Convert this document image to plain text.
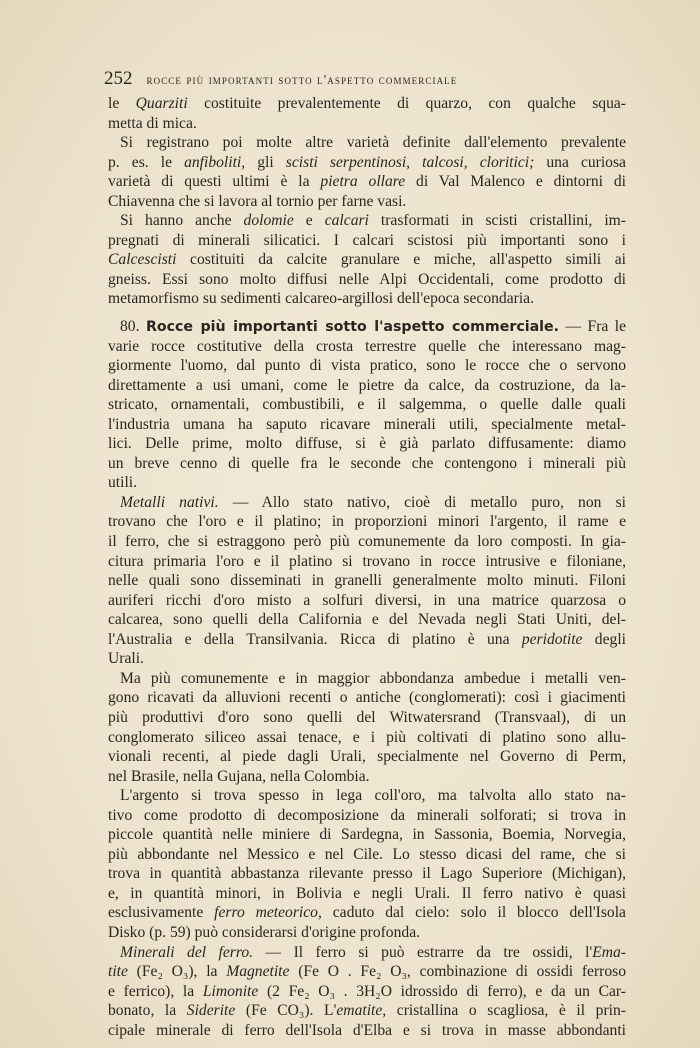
252 rocce più importanti sotto l'aspetto commerciale
le Quarziti costituite prevalentemente di quarzo, con qualche squa-
metta di mica.
Si registrano poi molte altre varietà definite dall'elemento prevalente
p. es. le anfiboliti, gli scisti serpentinosi, talcosi, cloritici; una curiosa
varietà di questi ultimi è la pietra ollare di Val Malenco e dintorni di
Chiavenna che si lavora al tornio per farne vasi.
Si hanno anche dolomie e calcari trasformati in scisti cristallini, im-
pregnati di minerali silicatici. I calcari scistosi più importanti sono i
Calcescisti costituiti da calcite granulare e miche, all'aspetto simili ai
gneiss. Essi sono molto diffusi nelle Alpi Occidentali, come prodotto di
metamorfismo su sedimenti calcareo-argillosi dell'epoca secondaria.
80. Rocce più importanti sotto l'aspetto commerciale. — Fra le
varie rocce costitutive della crosta terrestre quelle che interessano mag-
giormente l'uomo, dal punto di vista pratico, sono le rocce che o servono
direttamente a usi umani, come le pietre da calce, da costruzione, da la-
stricato, ornamentali, combustibili, e il salgemma, o quelle dalle quali
l'industria umana ha saputo ricavare minerali utili, specialmente metal-
lici. Delle prime, molto diffuse, si è già parlato diffusamente: diamo
un breve cenno di quelle fra le seconde che contengono i minerali più
utili.
Metalli nativi. — Allo stato nativo, cioè di metallo puro, non si
trovano che l'oro e il platino; in proporzioni minori l'argento, il rame e
il ferro, che si estraggono però più comunemente da loro composti. In gia-
citura primaria l'oro e il platino si trovano in rocce intrusive e filoniane,
nelle quali sono disseminati in granelli generalmente molto minuti. Filoni
auriferi ricchi d'oro misto a solfuri diversi, in una matrice quarzosa o
calcarea, sono quelli della California e del Nevada negli Stati Uniti, del-
l'Australia e della Transilvania. Ricca di platino è una peridotite degli
Urali.
Ma più comunemente e in maggior abbondanza ambedue i metalli ven-
gono ricavati da alluvioni recenti o antiche (conglomerati): così i giacimenti
più produttivi d'oro sono quelli del Witwatersrand (Transvaal), di un
conglomerato siliceo assai tenace, e i più coltivati di platino sono allu-
vionali recenti, al piede dagli Urali, specialmente nel Governo di Perm,
nel Brasile, nella Gujana, nella Colombia.
L'argento si trova spesso in lega coll'oro, ma talvolta allo stato na-
tivo come prodotto di decomposizione da minerali solforati; si trova in
piccole quantità nelle miniere di Sardegna, in Sassonia, Boemia, Norvegia,
più abbondante nel Messico e nel Cile. Lo stesso dicasi del rame, che si
trova in quantità abbastanza rilevante presso il Lago Superiore (Michigan),
e, in quantità minori, in Bolivia e negli Urali. Il ferro nativo è quasi
esclusivamente ferro meteorico, caduto dal cielo: solo il blocco dell'Isola
Disko (p. 59) può considerarsi d'origine profonda.
Minerali del ferro. — Il ferro si può estrarre da tre ossidi, l'Ema-
tite (Fe₂ O₃), la Magnetite (Fe O . Fe₂ O₃, combinazione di ossidi ferroso
e ferrico), la Limonite (2 Fe₂ O₃ . 3H₂O idrossido di ferro), e da un Car-
bonato, la Siderite (Fe CO₃). L'ematite, cristallina o scagliosa, è il prin-
cipale minerale di ferro dell'Isola d'Elba e si trova in masse abbondanti
